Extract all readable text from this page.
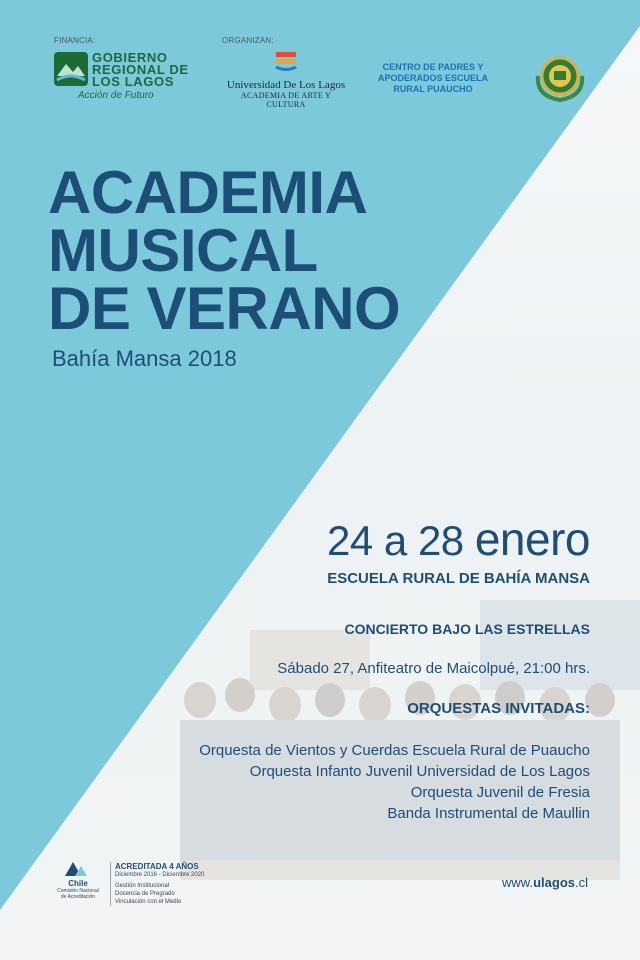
FINANCIA:	ORGANIZAN:
GOBIERNO
REGIONAL DE
LOS LAGOS
Acción de Futuro
Universidad De Los Lagos
ACADEMIA DE ARTE Y CULTURA
CENTRO DE PADRES Y
APODERADOS ESCUELA
RURAL PUAUCHO
ACADEMIA
MUSICAL
DE VERANO
Bahía Mansa 2018
24 a 28 enero
ESCUELA RURAL DE BAHÍA MANSA
CONCIERTO BAJO LAS ESTRELLAS
Sábado 27, Anfiteatro de Maicolpué, 21:00 hrs.
ORQUESTAS INVITADAS:
Orquesta de Vientos y Cuerdas Escuela Rural de Puaucho
Orquesta Infanto Juvenil Universidad de Los Lagos
Orquesta Juvenil de Fresia
Banda Instrumental de Maullin
Chile
Comisión Nacional
de Acreditación
ACREDITADA 4 AÑOS
Diciembre 2016 - Diciembre 2020
Gestión Institucional
Docencia de Pregrado
Vinculación con el Medio
www.ulagos.cl
